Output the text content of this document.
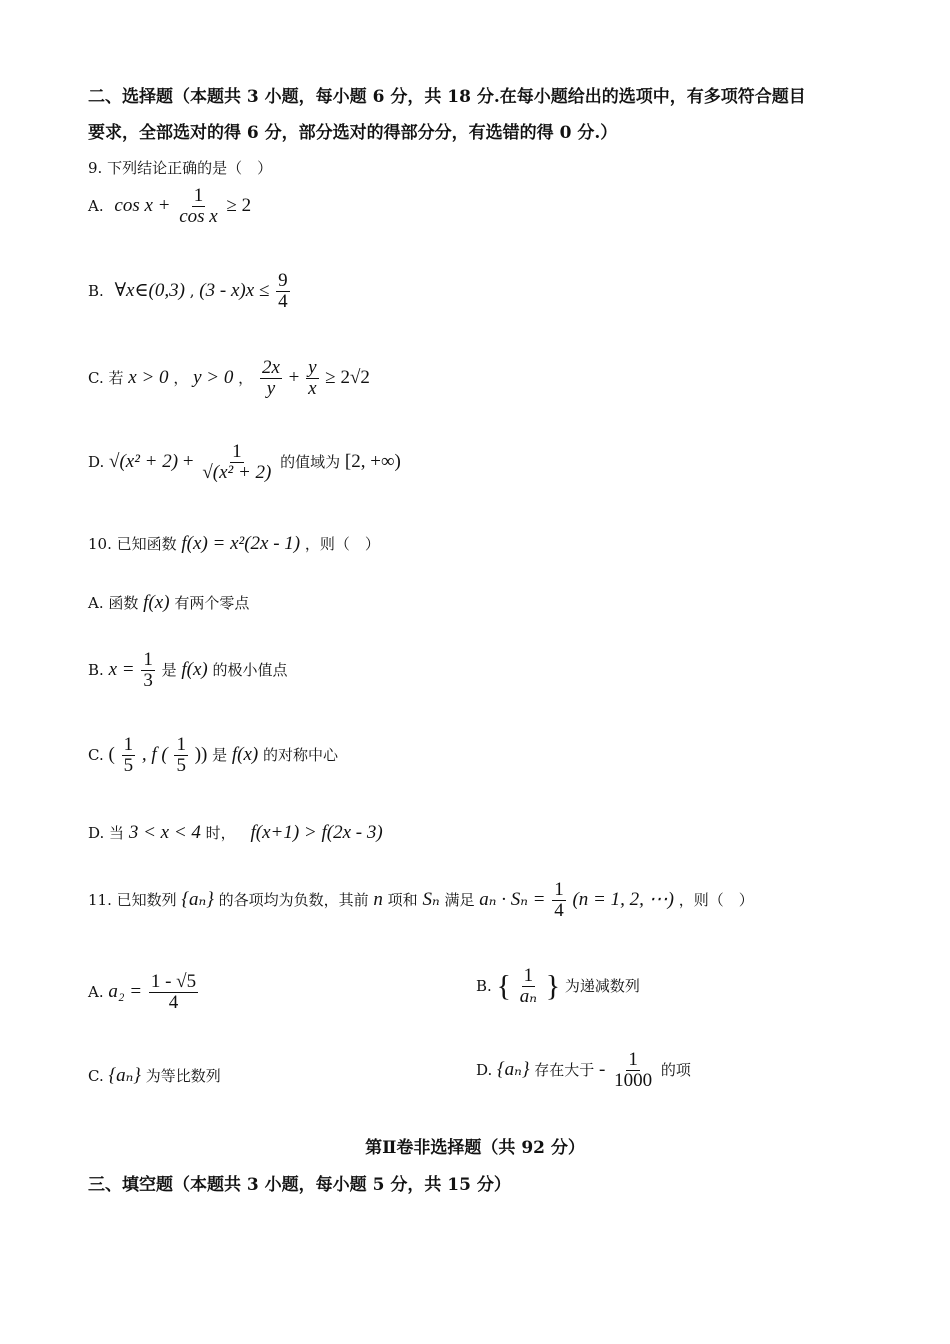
二、选择题（本题共 3 小题，每小题 6 分，共 18 分.在每小题给出的选项中，有多项符合题目
要求，全部选对的得 6 分，部分选对的得部分分，有选错的得 0 分.）
9. 下列结论正确的是（　）
A. $\cos x + \frac{1}{\text{cos x}} \ge 2$
B. ∀x∈(0,3) , $(3 - x)x \le \frac{9}{4}$
C. 若 x > 0 ， y > 0 ， $\frac{2x}{y} + \frac{y}{x} \ge 2√2$
D. $√(x^2 + 2) + \frac{1}{\text{√(x² + 2)}}$ 的值域为 [2, +∞)
10. 已知函数 f(x) = x²(2x - 1) ，则（　）
A. 函数 f(x) 有两个零点
B. $x = \frac{1}{3}$ 是 f(x) 的极小值点
C. ( $\frac{1}{5}$ , f ( $\frac{1}{5}$ )) 是 f(x) 的对称中心
D. 当 3 < x < 4 时， f(x+1) > f(2x - 3)
11. 已知数列 {aₙ} 的各项均为负数，其前 n 项和 Sₙ 满足 $a_n \cdot S_n = \frac{1}{4} (n = 1$, 2, ⋯) ，则（　）
A. $a_2 = \frac{1 - √5}{4}$	B. { $\frac{1}{\text{aₙ}}$ } 为递减数列
C. {aₙ} 为等比数列	D. {aₙ} 存在大于 - $\frac{1}{1000}$ 的项
第Ⅱ卷非选择题（共 92 分）
三、填空题（本题共 3 小题，每小题 5 分，共 15 分）
